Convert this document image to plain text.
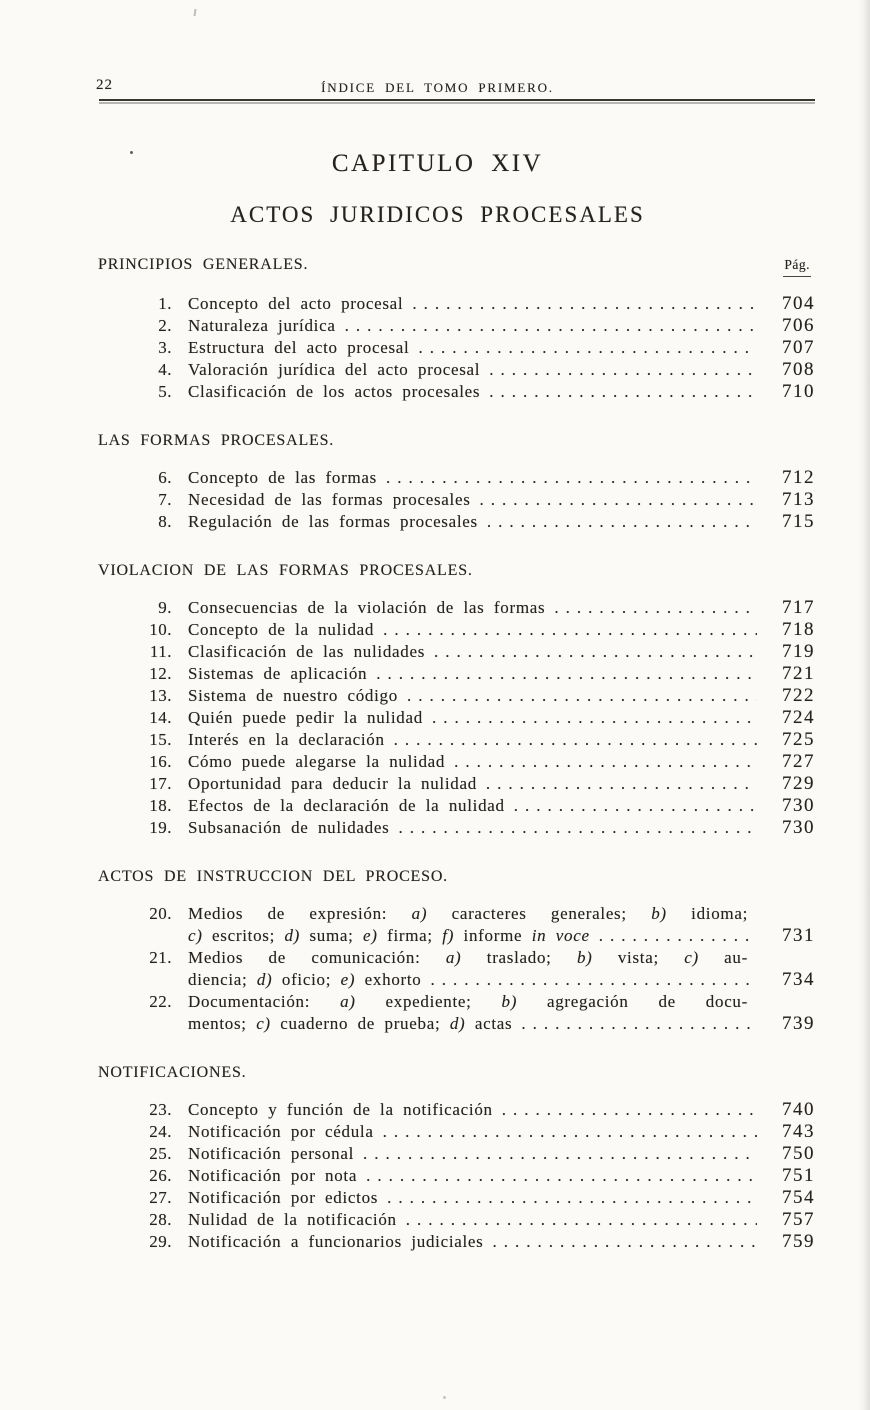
22	ÍNDICE DEL TOMO PRIMERO.
CAPITULO XIV
ACTOS JURIDICOS PROCESALES
PRINCIPIOS GENERALES.	Pág.
1. Concepto del acto procesal .....	704
2. Naturaleza jurídica .....	706
3. Estructura del acto procesal .....	707
4. Valoración jurídica del acto procesal .....	708
5. Clasificación de los actos procesales .....	710
LAS FORMAS PROCESALES.
6. Concepto de las formas .....	712
7. Necesidad de las formas procesales .....	713
8. Regulación de las formas procesales .....	715
VIOLACION DE LAS FORMAS PROCESALES.
9. Consecuencias de la violación de las formas .....	717
10. Concepto de la nulidad .....	718
11. Clasificación de las nulidades .....	719
12. Sistemas de aplicación .....	721
13. Sistema de nuestro código .....	722
14. Quién puede pedir la nulidad .....	724
15. Interés en la declaración .....	725
16. Cómo puede alegarse la nulidad .....	727
17. Oportunidad para deducir la nulidad .....	729
18. Efectos de la declaración de la nulidad .....	730
19. Subsanación de nulidades .....	730
ACTOS DE INSTRUCCION DEL PROCESO.
20. Medios de expresión: a) caracteres generales; b) idioma;
c) escritos; d) suma; e) firma; f) informe in voce .....	731
21. Medios de comunicación: a) traslado; b) vista; c) au-
diencia; d) oficio; e) exhorto .....	734
22. Documentación: a) expediente; b) agregación de docu-
mentos; c) cuaderno de prueba; d) actas .....	739
NOTIFICACIONES.
23. Concepto y función de la notificación .....	740
24. Notificación por cédula .....	743
25. Notificación personal .....	750
26. Notificación por nota .....	751
27. Notificación por edictos .....	754
28. Nulidad de la notificación .....	757
29. Notificación a funcionarios judiciales .....	759
